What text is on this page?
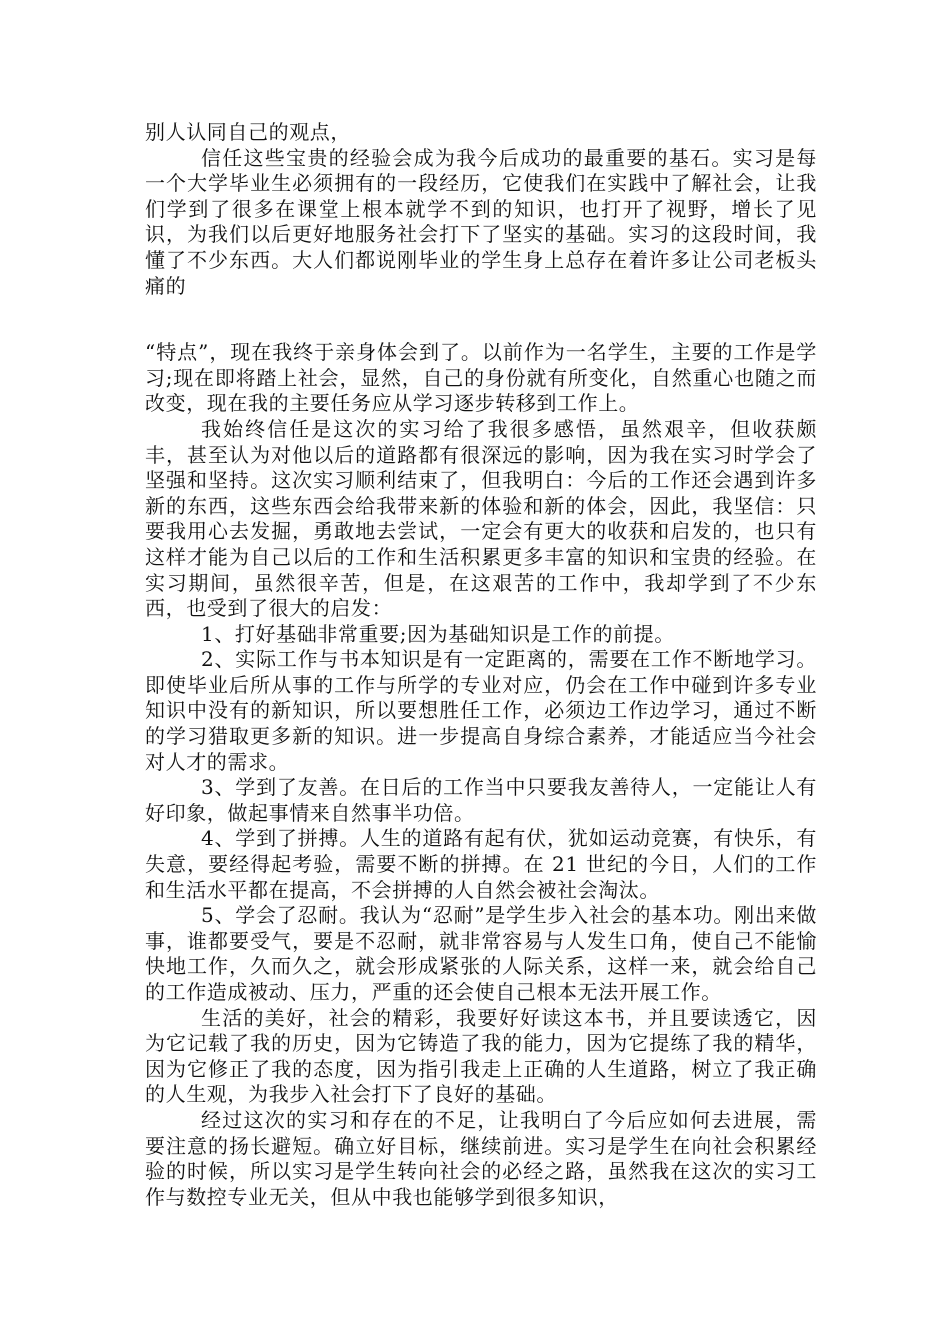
别人认同自己的观点，

信任这些宝贵的经验会成为我今后成功的最重要的基石。实习是每一个大学毕业生必须拥有的一段经历，它使我们在实践中了解社会，让我们学到了很多在课堂上根本就学不到的知识，也打开了视野，增长了见识，为我们以后更好地服务社会打下了坚实的基础。实习的这段时间，我懂了不少东西。大人们都说刚毕业的学生身上总存在着许多让公司老板头痛的

“特点”，现在我终于亲身体会到了。以前作为一名学生，主要的工作是学习;现在即将踏上社会，显然，自己的身份就有所变化，自然重心也随之而改变，现在我的主要任务应从学习逐步转移到工作上。

我始终信任是这次的实习给了我很多感悟，虽然艰辛，但收获颇丰，甚至认为对他以后的道路都有很深远的影响，因为我在实习时学会了坚强和坚持。这次实习顺利结束了，但我明白：今后的工作还会遇到许多新的东西，这些东西会给我带来新的体验和新的体会，因此，我坚信：只要我用心去发掘，勇敢地去尝试，一定会有更大的收获和启发的，也只有这样才能为自己以后的工作和生活积累更多丰富的知识和宝贵的经验。在实习期间，虽然很辛苦，但是，在这艰苦的工作中，我却学到了不少东西，也受到了很大的启发：

1、打好基础非常重要;因为基础知识是工作的前提。

2、实际工作与书本知识是有一定距离的，需要在工作不断地学习。即使毕业后所从事的工作与所学的专业对应，仍会在工作中碰到许多专业知识中没有的新知识，所以要想胜任工作，必须边工作边学习，通过不断的学习猎取更多新的知识。进一步提高自身综合素养，才能适应当今社会对人才的需求。

3、学到了友善。在日后的工作当中只要我友善待人，一定能让人有好印象，做起事情来自然事半功倍。

4、学到了拼搏。人生的道路有起有伏，犹如运动竞赛，有快乐，有失意，要经得起考验，需要不断的拼搏。在 21 世纪的今日，人们的工作和生活水平都在提高，不会拼搏的人自然会被社会淘汰。

5、学会了忍耐。我认为“忍耐”是学生步入社会的基本功。刚出来做事，谁都要受气，要是不忍耐，就非常容易与人发生口角，使自己不能愉快地工作，久而久之，就会形成紧张的人际关系，这样一来，就会给自己的工作造成被动、压力，严重的还会使自己根本无法开展工作。

生活的美好，社会的精彩，我要好好读这本书，并且要读透它，因为它记载了我的历史，因为它铸造了我的能力，因为它提练了我的精华，因为它修正了我的态度，因为指引我走上正确的人生道路，树立了我正确的人生观，为我步入社会打下了良好的基础。

经过这次的实习和存在的不足，让我明白了今后应如何去进展，需要注意的扬长避短。确立好目标，继续前进。实习是学生在向社会积累经验的时候，所以实习是学生转向社会的必经之路，虽然我在这次的实习工作与数控专业无关，但从中我也能够学到很多知识，
